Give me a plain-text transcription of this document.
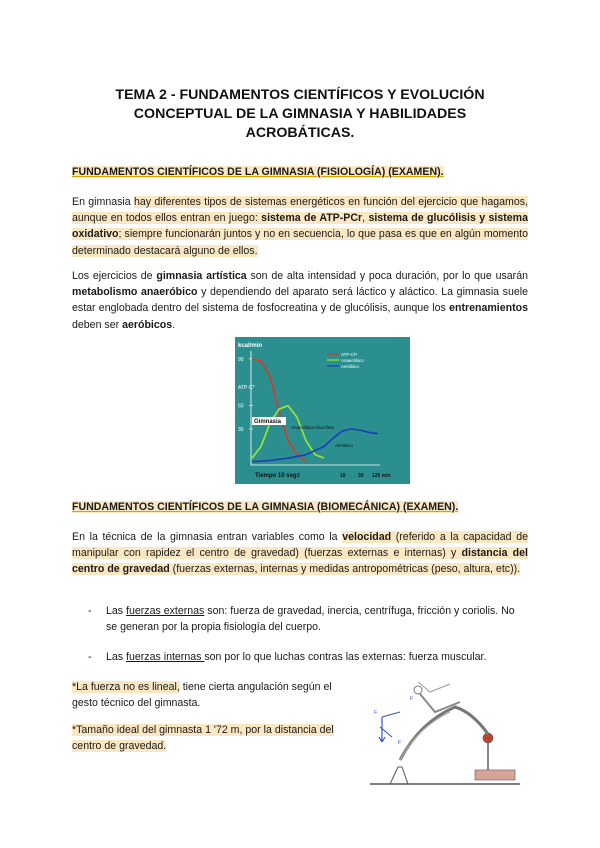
TEMA 2 - FUNDAMENTOS CIENTÍFICOS Y EVOLUCIÓN
CONCEPTUAL DE LA GIMNASIA Y HABILIDADES
ACROBÁTICAS.
FUNDAMENTOS CIENTÍFICOS DE LA GIMNASIA (FISIOLOGÍA) (EXAMEN).
En gimnasia hay diferentes tipos de sistemas energéticos en función del ejercicio que hagamos, aunque en todos ellos entran en juego: sistema de ATP-PCr, sistema de glucólisis y sistema oxidativo; siempre funcionarán juntos y no en secuencia, lo que pasa es que en algún momento determinado destacará alguno de ellos.
Los ejercicios de gimnasia artística son de alta intensidad y poca duración, por lo que usarán metabolismo anaeróbico y dependiendo del aparato será láctico y aláctico. La gimnasia suele estar englobada dentro del sistema de fosfocreatina y de glucólisis, aunque los entrenamientos deben ser aeróbicos.
kcal/min
ATP-C*
90
50
30
2	10 30 120 min
ATP-CP
Anaeróbico
Aeróbico
Gimnasia
Anaeróbica Glucólisis
Aeróbico
Tiempo 10 seg
FUNDAMENTOS CIENTÍFICOS DE LA GIMNASIA (BIOMECÁNICA) (EXAMEN).
En la técnica de la gimnasia entran variables como la velocidad (referido a la capacidad de manipular con rapidez el centro de gravedad) (fuerzas externas e internas) y distancia del centro de gravedad (fuerzas externas, internas y medidas antropométricas (peso, altura, etc)).
- Las fuerzas externas son: fuerza de gravedad, inercia, centrífuga, fricción y coriolis. No se generan por la propia fisiología del cuerpo.
- Las fuerzas internas son por lo que luchas contras las externas: fuerza muscular.
*La fuerza no es lineal, tiene cierta angulación según el gesto técnico del gimnasta.
*Tamaño ideal del gimnasta 1 '72 m, por la distancia del centro de gravedad.
F
F
F
